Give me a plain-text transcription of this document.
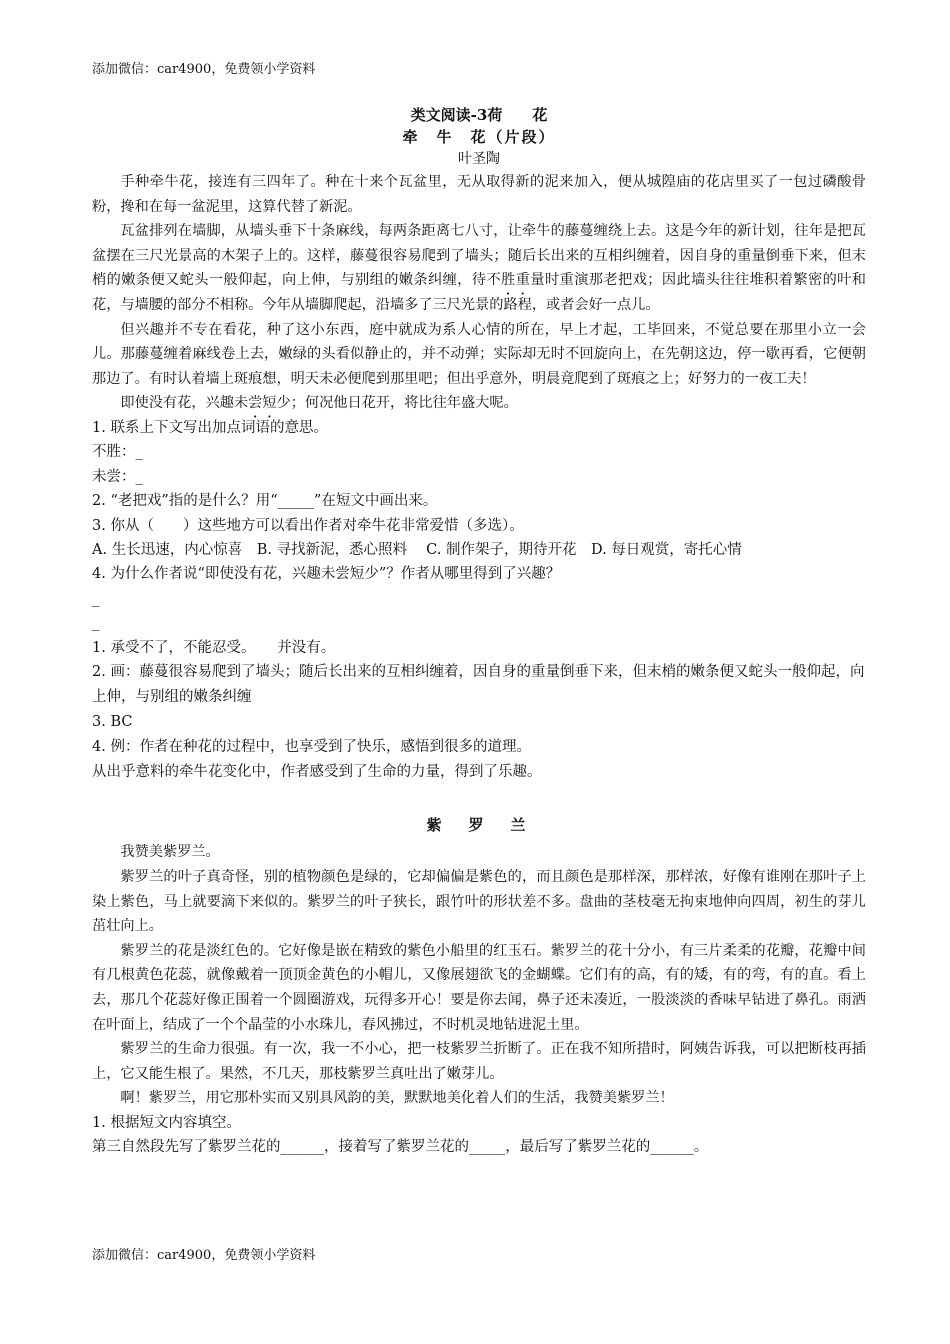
添加微信：car4900，免费领小学资料
类文阅读-3荷　　花
牵　牛　花（片段）
叶圣陶

手种牵牛花，接连有三四年了。种在十来个瓦盆里，无从取得新的泥来加入，便从城隍庙的花店里买了一包过磷酸骨粉，搀和在每一盆泥里，这算代替了新泥。

瓦盆排列在墙脚，从墙头垂下十条麻线，每两条距离七八寸，让牵牛的藤蔓缠绕上去。这是今年的新计划，往年是把瓦盆摆在三尺光景高的木架子上的。这样，藤蔓很容易爬到了墙头；随后长出来的互相纠缠着，因自身的重量倒垂下来，但末梢的嫩条便又蛇头一般仰起，向上伸，与别组的嫩条纠缠，待不胜重量时重演那老把戏；因此墙头往往堆积着繁密的叶和花，与墙腰的部分不相称。今年从墙脚爬起，沿墙多了三尺光景的路程，或者会好一点儿。

但兴趣并不专在看花，种了这小东西，庭中就成为系人心情的所在，早上才起，工毕回来，不觉总要在那里小立一会儿。那藤蔓缠着麻线卷上去，嫩绿的头看似静止的，并不动弹；实际却无时不回旋向上，在先朝这边，停一歇再看，它便朝那边了。有时认着墙上斑痕想，明天未必便爬到那里吧；但出乎意外，明晨竟爬到了斑痕之上；好努力的一夜工夫！

即使没有花，兴趣未尝短少；何况他日花开，将比往年盛大呢。

1. 联系上下文写出加点词语的意思。

不胜：_

未尝：_

2. “老把戏”指的是什么？用“_____”在短文中画出来。

3. 你从（　　）这些地方可以看出作者对牵牛花非常爱惜（多选）。

A. 生长迅速，内心惊喜　B. 寻找新泥，悉心照料　 C. 制作架子，期待开花　D. 每日观赏，寄托心情

4. 为什么作者说“即使没有花，兴趣未尝短少”？作者从哪里得到了兴趣？

_

_

1. 承受不了，不能忍受。　　并没有。

2. 画：藤蔓很容易爬到了墙头；随后长出来的互相纠缠着，因自身的重量倒垂下来，但末梢的嫩条便又蛇头一般仰起，向上伸，与别组的嫩条纠缠

3. BC

4. 例：作者在种花的过程中，也享受到了快乐，感悟到很多的道理。

从出乎意料的牵牛花变化中，作者感受到了生命的力量，得到了乐趣。

紫　罗　兰

我赞美紫罗兰。

紫罗兰的叶子真奇怪，别的植物颜色是绿的，它却偏偏是紫色的，而且颜色是那样深，那样浓，好像有谁刚在那叶子上染上紫色，马上就要滴下来似的。紫罗兰的叶子狭长，跟竹叶的形状差不多。盘曲的茎枝毫无拘束地伸向四周，初生的芽儿茁壮向上。

紫罗兰的花是淡红色的。它好像是嵌在精致的紫色小船里的红玉石。紫罗兰的花十分小，有三片柔柔的花瓣，花瓣中间有几根黄色花蕊，就像戴着一顶顶金黄色的小帽儿，又像展翅欲飞的金蝴蝶。它们有的高，有的矮，有的弯，有的直。看上去，那几个花蕊好像正围着一个圆圈游戏，玩得多开心！要是你去闻，鼻子还未凑近，一股淡淡的香味早钻进了鼻孔。雨洒在叶面上，结成了一个个晶莹的小水珠儿，春风拂过，不时机灵地钻进泥土里。

紫罗兰的生命力很强。有一次，我一不小心，把一枝紫罗兰折断了。正在我不知所措时，阿姨告诉我，可以把断枝再插上，它又能生根了。果然，不几天，那枝紫罗兰真吐出了嫩芽儿。

啊！紫罗兰，用它那朴实而又别具风韵的美，默默地美化着人们的生活，我赞美紫罗兰！

1. 根据短文内容填空。

第三自然段先写了紫罗兰花的______，接着写了紫罗兰花的_____，最后写了紫罗兰花的______。

添加微信：car4900，免费领小学资料
